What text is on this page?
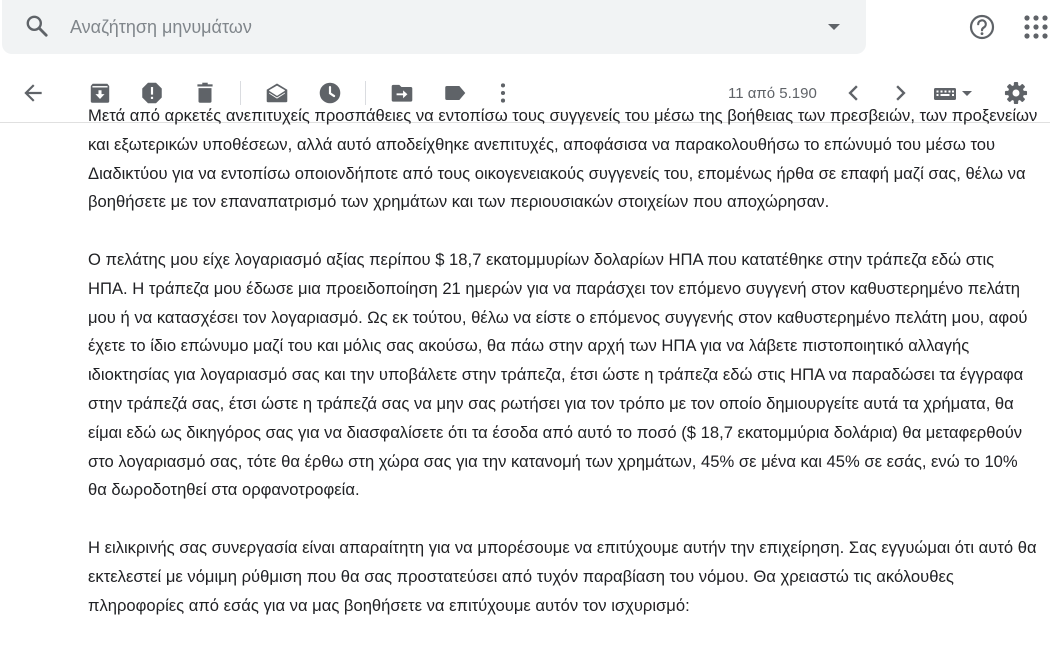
Αναζήτηση μηνυμάτων
11 από 5.190

Μετά από αρκετές ανεπιτυχείς προσπάθειες να εντοπίσω τους συγγενείς του μέσω της βοήθειας των πρεσβειών, των προξενείων και εξωτερικών υποθέσεων, αλλά αυτό αποδείχθηκε ανεπιτυχές, αποφάσισα να παρακολουθήσω το επώνυμό του μέσω του Διαδικτύου για να εντοπίσω οποιονδήποτε από τους οικογενειακούς συγγενείς του, επομένως ήρθα σε επαφή μαζί σας, θέλω να βοηθήσετε με τον επαναπατρισμό των χρημάτων και των περιουσιακών στοιχείων που αποχώρησαν.

Ο πελάτης μου είχε λογαριασμό αξίας περίπου $ 18,7 εκατομμυρίων δολαρίων ΗΠΑ που κατατέθηκε στην τράπεζα εδώ στις ΗΠΑ. Η τράπεζα μου έδωσε μια προειδοποίηση 21 ημερών για να παράσχει τον επόμενο συγγενή στον καθυστερημένο πελάτη μου ή να κατασχέσει τον λογαριασμό. Ως εκ τούτου, θέλω να είστε ο επόμενος συγγενής στον καθυστερημένο πελάτη μου, αφού έχετε το ίδιο επώνυμο μαζί του και μόλις σας ακούσω, θα πάω στην αρχή των ΗΠΑ για να λάβετε πιστοποιητικό αλλαγής ιδιοκτησίας για λογαριασμό σας και την υποβάλετε στην τράπεζα, έτσι ώστε η τράπεζα εδώ στις ΗΠΑ να παραδώσει τα έγγραφα στην τράπεζά σας, έτσι ώστε η τράπεζά σας να μην σας ρωτήσει για τον τρόπο με τον οποίο δημιουργείτε αυτά τα χρήματα, θα είμαι εδώ ως δικηγόρος σας για να διασφαλίσετε ότι τα έσοδα από αυτό το ποσό ($ 18,7 εκατομμύρια δολάρια) θα μεταφερθούν στο λογαριασμό σας, τότε θα έρθω στη χώρα σας για την κατανομή των χρημάτων, 45% σε μένα και 45% σε εσάς, ενώ το 10% θα δωροδοτηθεί στα ορφανοτροφεία.

Η ειλικρινής σας συνεργασία είναι απαραίτητη για να μπορέσουμε να επιτύχουμε αυτήν την επιχείρηση. Σας εγγυώμαι ότι αυτό θα εκτελεστεί με νόμιμη ρύθμιση που θα σας προστατεύσει από τυχόν παραβίαση του νόμου. Θα χρειαστώ τις ακόλουθες πληροφορίες από εσάς για να μας βοηθήσετε να επιτύχουμε αυτόν τον ισχυρισμό:
